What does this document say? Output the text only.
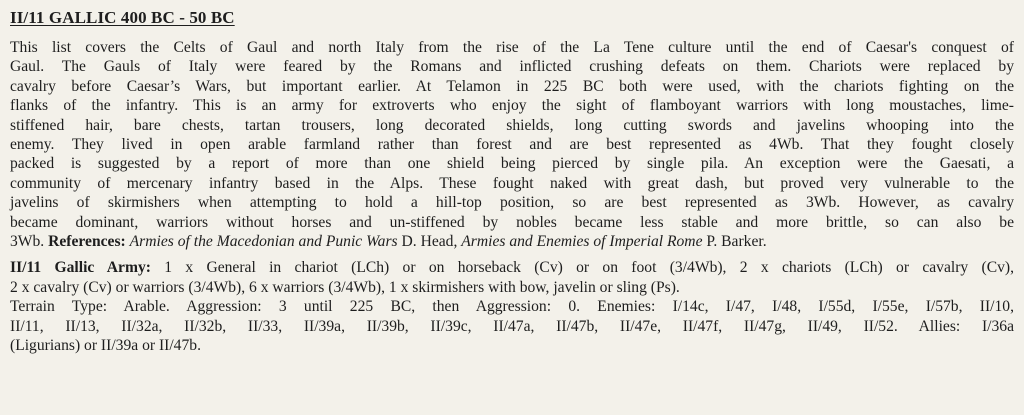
II/11 GALLIC 400 BC - 50 BC
This list covers the Celts of Gaul and north Italy from the rise of the La Tene culture until the end of Caesar's conquest of
Gaul. The Gauls of Italy were feared by the Romans and inflicted crushing defeats on them. Chariots were replaced by
cavalry before Caesar’s Wars, but important earlier. At Telamon in 225 BC both were used, with the chariots fighting on the
flanks of the infantry. This is an army for extroverts who enjoy the sight of flamboyant warriors with long moustaches, lime-
stiffened hair, bare chests, tartan trousers, long decorated shields, long cutting swords and javelins whooping into the
enemy. They lived in open arable farmland rather than forest and are best represented as 4Wb. That they fought closely
packed is suggested by a report of more than one shield being pierced by single pila. An exception were the Gaesati, a
community of mercenary infantry based in the Alps. These fought naked with great dash, but proved very vulnerable to the
javelins of skirmishers when attempting to hold a hill-top position, so are best represented as 3Wb. However, as cavalry
became dominant, warriors without horses and un-stiffened by nobles became less stable and more brittle, so can also be
3Wb. References: Armies of the Macedonian and Punic Wars D. Head, Armies and Enemies of Imperial Rome P. Barker.
II/11 Gallic Army: 1 x General in chariot (LCh) or on horseback (Cv) or on foot (3/4Wb), 2 x chariots (LCh) or cavalry (Cv),
2 x cavalry (Cv) or warriors (3/4Wb), 6 x warriors (3/4Wb), 1 x skirmishers with bow, javelin or sling (Ps).
Terrain Type: Arable. Aggression: 3 until 225 BC, then Aggression: 0. Enemies: I/14c, I/47, I/48, I/55d, I/55e, I/57b, II/10,
II/11, II/13, II/32a, II/32b, II/33, II/39a, II/39b, II/39c, II/47a, II/47b, II/47e, II/47f, II/47g, II/49, II/52. Allies: I/36a
(Ligurians) or II/39a or II/47b.
